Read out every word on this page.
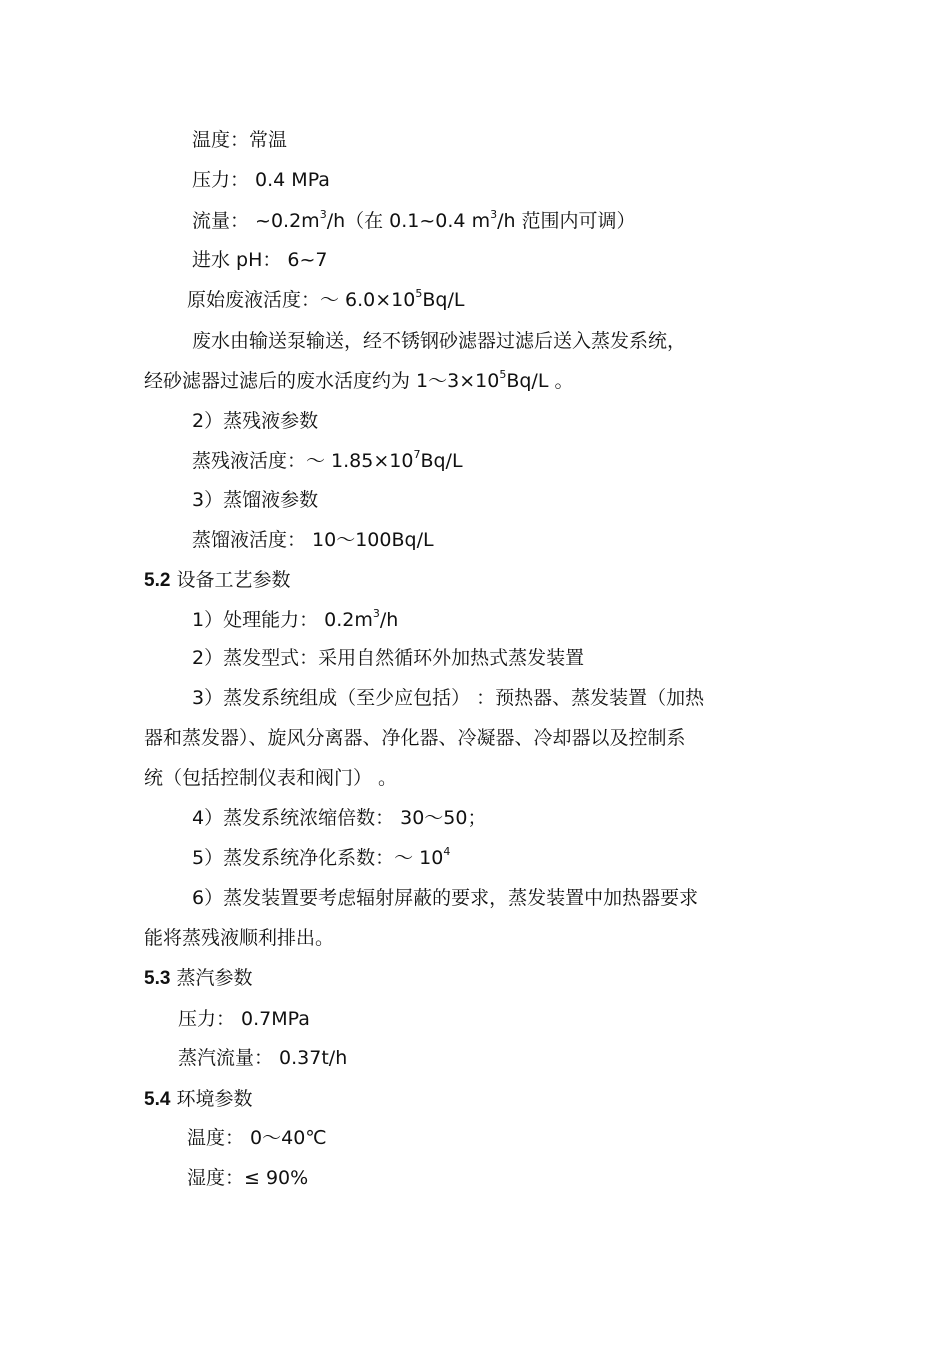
温度：常温
压力： 0.4 MPa
流量： $\sim 0.2m^3/h$（在 0.1~0.4 $m^3/h$ 范围内可调）
进水 pH： 6~7
原始废液活度：～ $6.0\times 10^5Bq/L$
废水由输送泵输送，经不锈钢砂滤器过滤后送入蒸发系统，
经砂滤器过滤后的废水活度约为 $1\sim 3\times 10^5Bq/L$ 。
2）蒸残液参数
蒸残液活度：～ $1.85\times 10^7Bq/L$
3）蒸馏液参数
蒸馏液活度： 10～100Bq/L
5.2 设备工艺参数
1）处理能力： $0.2m^3/h$
2）蒸发型式：采用自然循环外加热式蒸发装置
3）蒸发系统组成（至少应包括） ：预热器、蒸发装置（加热
器和蒸发器）、旋风分离器、净化器、冷凝器、冷却器以及控制系
统（包括控制仪表和阀门） 。
4）蒸发系统浓缩倍数： 30～50；
5）蒸发系统净化系数：～ $10^4$
6）蒸发装置要考虑辐射屏蔽的要求，蒸发装置中加热器要求
能将蒸残液顺利排出。
5.3 蒸汽参数
压力： 0.7MPa
蒸汽流量： 0.37t/h
5.4 环境参数
温度： 0～40℃
湿度：≤ 90%
